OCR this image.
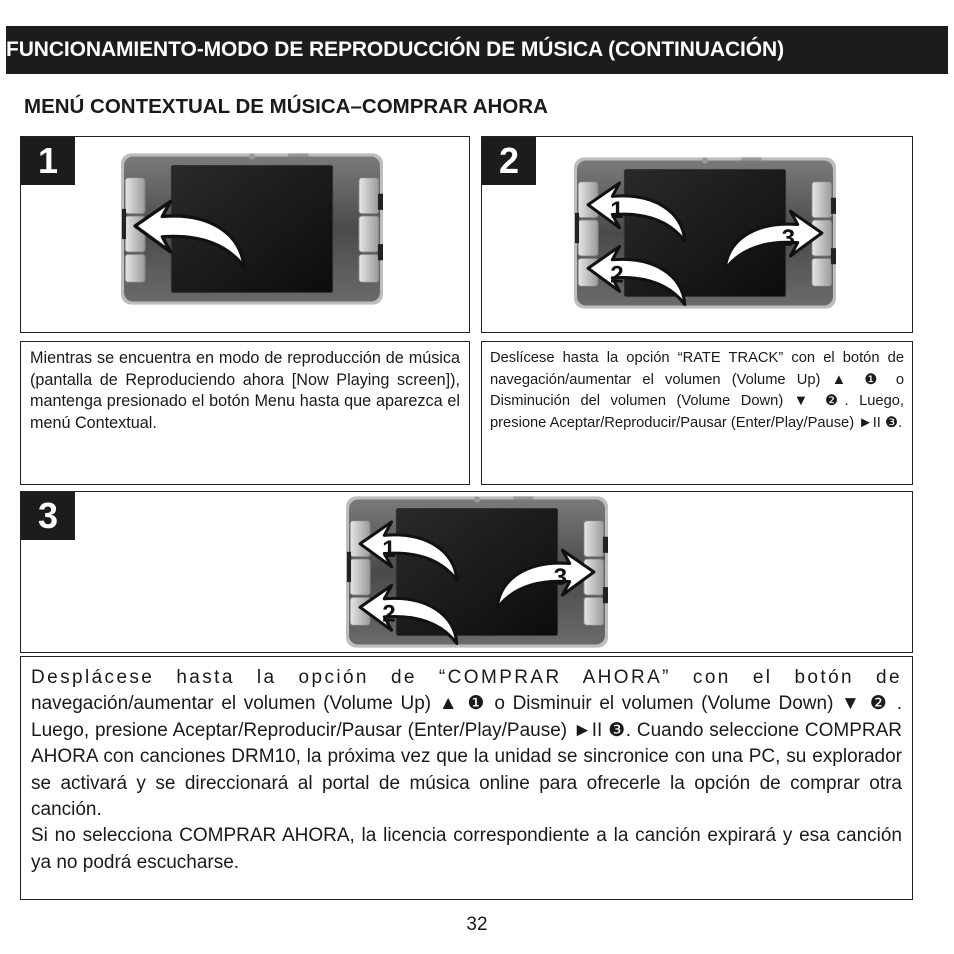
FUNCIONAMIENTO-MODO DE REPRODUCCIÓN DE MÚSICA (CONTINUACIÓN)
MENÚ CONTEXTUAL DE MÚSICA–COMPRAR AHORA
1	2
1
2
3

Mientras se encuentra en modo de reproducción de música (pantalla de Reproduciendo ahora [Now Playing screen]), mantenga presionado el botón Menu hasta que aparezca el menú Contextual.

Deslícese hasta la opción “RATE TRACK” con el botón de navegación/aumentar el volumen (Volume Up) ▲ ❶ o Disminución del volumen (Volume Down) ▼ ❷. Luego, presione Aceptar/Reproducir/Pausar (Enter/Play/Pause) ►II ❸.

3
1
2
3

Desplácese hasta la opción de “COMPRAR AHORA” con el botón de navegación/aumentar el volumen (Volume Up) ▲ ❶ o Disminuir el volumen (Volume Down) ▼ ❷ . Luego, presione Aceptar/Reproducir/Pausar (Enter/Play/Pause) ►II ❸. Cuando seleccione COMPRAR AHORA con canciones DRM10, la próxima vez que la unidad se sincronice con una PC, su explorador se activará y se direccionará al portal de música online para ofrecerle la opción de comprar otra canción.

Si no selecciona COMPRAR AHORA, la licencia correspondiente a la canción expirará y esa canción ya no podrá escucharse.

32
